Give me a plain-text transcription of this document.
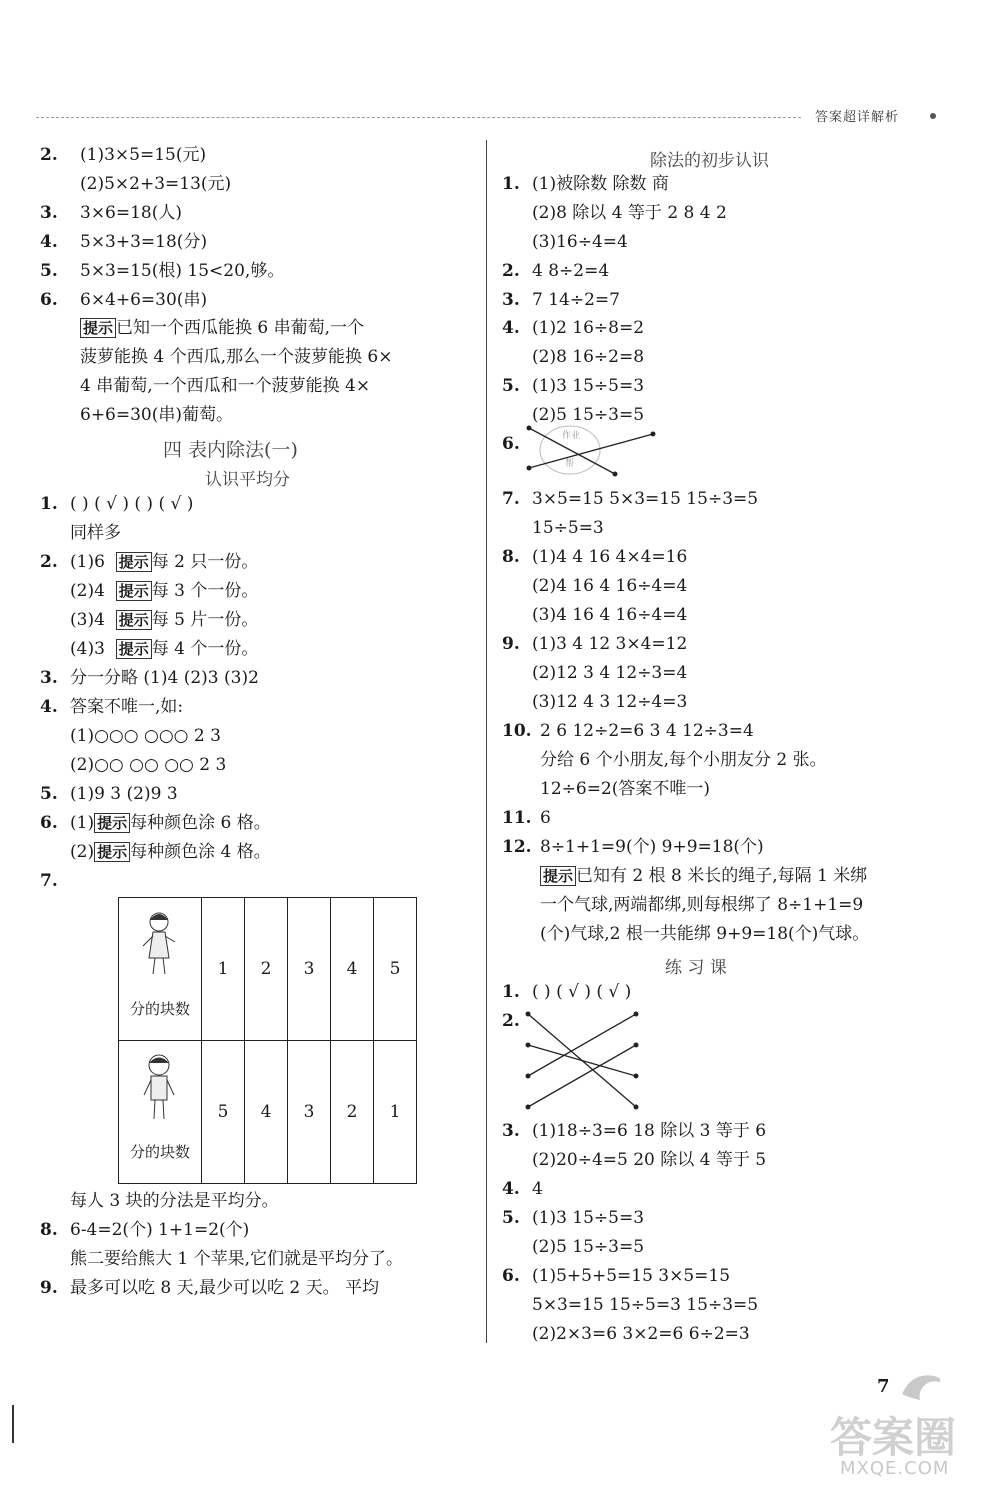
答案超详解析
2. (1)3×5=15(元)
(2)5×2+3=13(元)
3. 3×6=18(人)
4. 5×3+3=18(分)
5. 5×3=15(根) 15<20,够。
6. 6×4+6=30(串)
提示 已知一个西瓜能换 6 串葡萄,一个
菠萝能换 4 个西瓜,那么一个菠萝能换 6×
4 串葡萄,一个西瓜和一个菠萝能换 4×
6+6=30(串)葡萄。
四 表内除法(一)
认识平均分
1. ( ) ( √ ) ( ) ( √ )
同样多
2. (1)6 提示 每 2 只一份。
(2)4 提示 每 3 个一份。
(3)4 提示 每 5 片一份。
(4)3 提示 每 4 个一份。
3. 分一分略 (1)4 (2)3 (3)2
4. 答案不唯一,如:
(1)○○○ ○○○ 2 3
(2)○○ ○○ ○○ 2 3
5. (1)9 3 (2)9 3
6. (1) 提示 每种颜色涂 6 格。
(2) 提示 每种颜色涂 4 格。
7.
分的块数	1	2	3	4	5

分的块数	5	4	3	2	1
每人 3 块的分法是平均分。
8. 6-4=2(个) 1+1=2(个)
熊二要给熊大 1 个苹果,它们就是平均分了。
9. 最多可以吃 8 天,最少可以吃 2 天。 平均
除法的初步认识
1. (1)被除数 除数 商
(2)8 除以 4 等于 2 8 4 2
(3)16÷4=4
2. 4 8÷2=4
3. 7 14÷2=7
4. (1)2 16÷8=2
(2)8 16÷2=8
5. (1)3 15÷5=3
(2)5 15÷3=5
6.	作业
帮
7. 3×5=15 5×3=15 15÷3=5
15÷5=3
8. (1)4 4 16 4×4=16
(2)4 16 4 16÷4=4
(3)4 16 4 16÷4=4
9. (1)3 4 12 3×4=12
(2)12 3 4 12÷3=4
(3)12 4 3 12÷4=3
10. 2 6 12÷2=6 3 4 12÷3=4
分给 6 个小朋友,每个小朋友分 2 张。
12÷6=2(答案不唯一)
11. 6
12. 8÷1+1=9(个) 9+9=18(个)
提示 已知有 2 根 8 米长的绳子,每隔 1 米绑
一个气球,两端都绑,则每根绑了 8÷1+1=9
(个)气球,2 根一共能绑 9+9=18(个)气球。
练 习 课
1. ( ) ( √ ) ( √ )
2.
3. (1)18÷3=6 18 除以 3 等于 6
(2)20÷4=5 20 除以 4 等于 5
4. 4
5. (1)3 15÷5=3
(2)5 15÷3=5
6. (1)5+5+5=15 3×5=15
5×3=15 15÷5=3 15÷3=5
(2)2×3=6 3×2=6 6÷2=3
7
答案圈
MXQE.COM
